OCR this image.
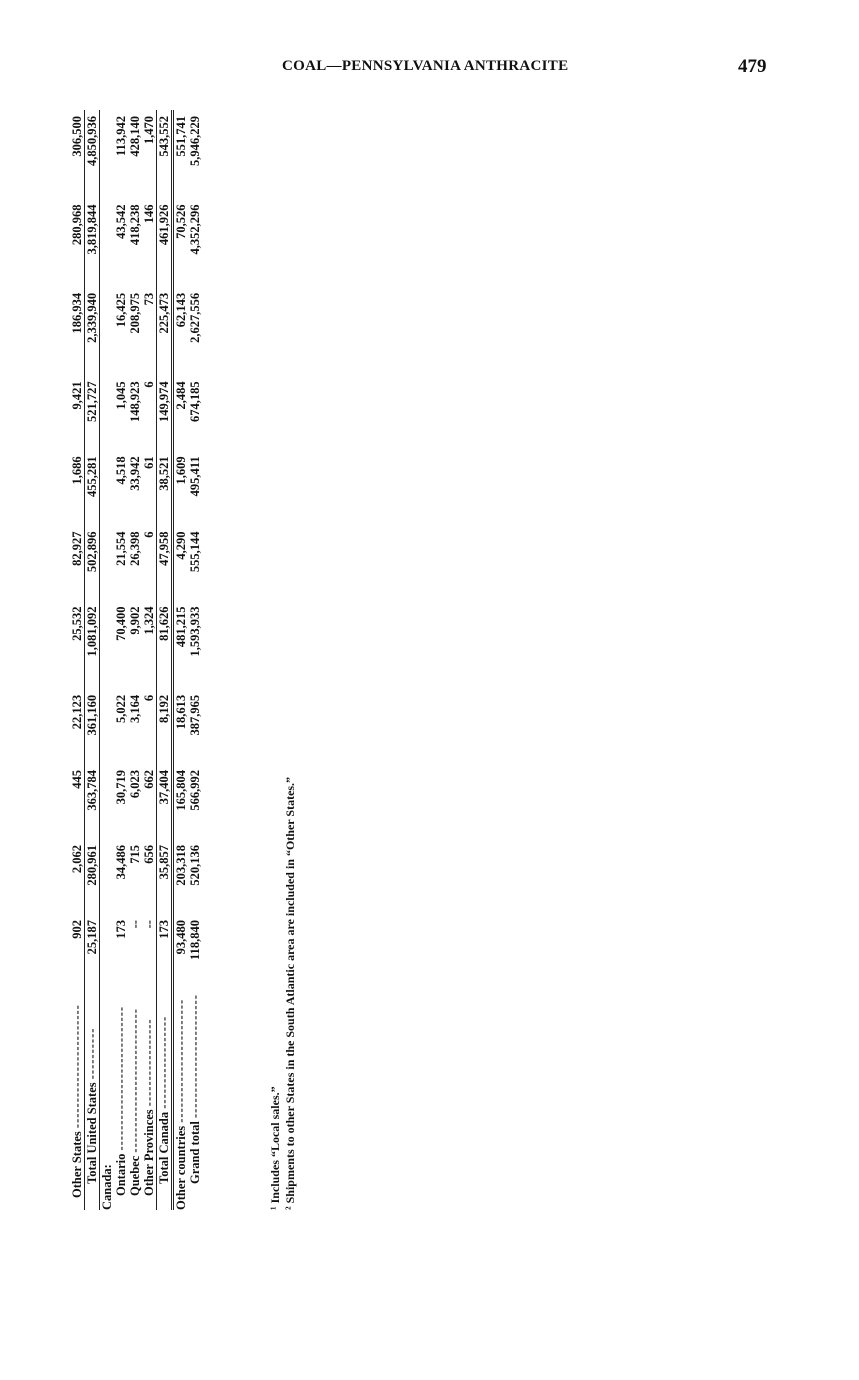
COAL—PENNSYLVANIA ANTHRACITE	479
Other States ------------------------	902	2,062	445	22,123	25,532	82,927	1,686	9,421	186,934	280,968	306,500
Total United States ----------	25,187	280,961	363,784	361,160	1,081,092	502,896	455,281	521,727	2,339,940	3,819,844	4,850,936
Canada:											
Ontario ----------------------------	173	34,486	30,719	5,022	70,400	21,554	4,518	1,045	16,425	43,542	113,942
Quebec ----------------------------	--	715	6,023	3,164	9,902	26,398	33,942	148,923	208,975	418,238	428,140
Other Provinces -----------------	--	656	662	6	1,324	6	61	6	73	146	1,470
Total Canada ------------------	173	35,857	37,404	8,192	81,626	47,958	38,521	149,974	225,473	461,926	543,552
Other countries ------------------------	93,480	203,318	165,804	18,613	481,215	4,290	1,609	2,484	62,143	70,526	551,741
Grand total ------------------------	118,840	520,136	566,992	387,965	1,593,933	555,144	495,411	674,185	2,627,556	4,352,296	5,946,229
¹ Includes “Local sales.” ² Shipments to other States in the South Atlantic area are included in “Other States.”
